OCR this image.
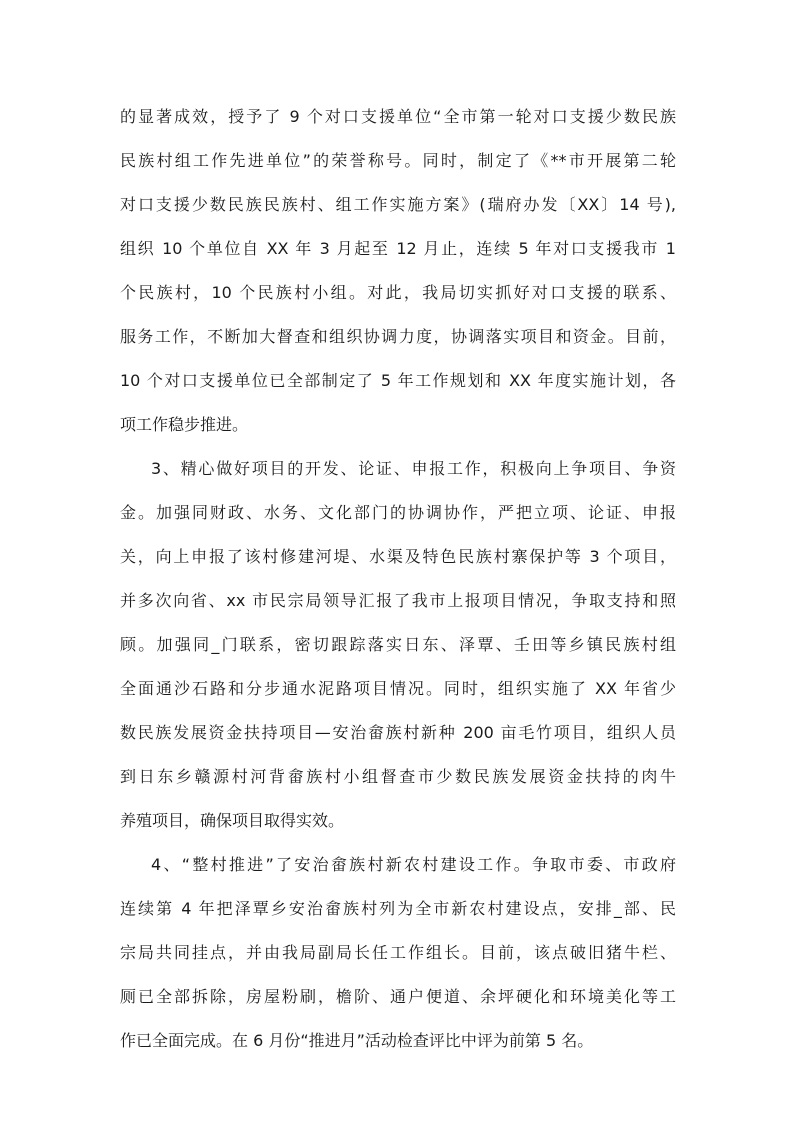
的显著成效，授予了 9 个对口支援单位“全市第一轮对口支援少数民族
民族村组工作先进单位”的荣誉称号。同时，制定了《**市开展第二轮
对口支援少数民族民族村、组工作实施方案》(瑞府办发〔XX〕14 号),
组织 10 个单位自 XX 年 3 月起至 12 月止，连续 5 年对口支援我市 1
个民族村，10 个民族村小组。对此，我局切实抓好对口支援的联系、
服务工作，不断加大督查和组织协调力度，协调落实项目和资金。目前，
10 个对口支援单位已全部制定了 5 年工作规划和 XX 年度实施计划，各
项工作稳步推进。
3、精心做好项目的开发、论证、申报工作，积极向上争项目、争资
金。加强同财政、水务、文化部门的协调协作，严把立项、论证、申报
关，向上申报了该村修建河堤、水渠及特色民族村寨保护等 3 个项目，
并多次向省、xx 市民宗局领导汇报了我市上报项目情况，争取支持和照
顾。加强同_门联系，密切跟踪落实日东、泽覃、壬田等乡镇民族村组
全面通沙石路和分步通水泥路项目情况。同时，组织实施了 XX 年省少
数民族发展资金扶持项目—安治畲族村新种 200 亩毛竹项目，组织人员
到日东乡赣源村河背畲族村小组督查市少数民族发展资金扶持的肉牛
养殖项目，确保项目取得实效。
4、“整村推进”了安治畲族村新农村建设工作。争取市委、市政府
连续第 4 年把泽覃乡安治畲族村列为全市新农村建设点，安排_部、民
宗局共同挂点，并由我局副局长任工作组长。目前，该点破旧猪牛栏、
厕已全部拆除，房屋粉刷，檐阶、通户便道、余坪硬化和环境美化等工
作已全面完成。在 6 月份“推进月”活动检查评比中评为前第 5 名。
